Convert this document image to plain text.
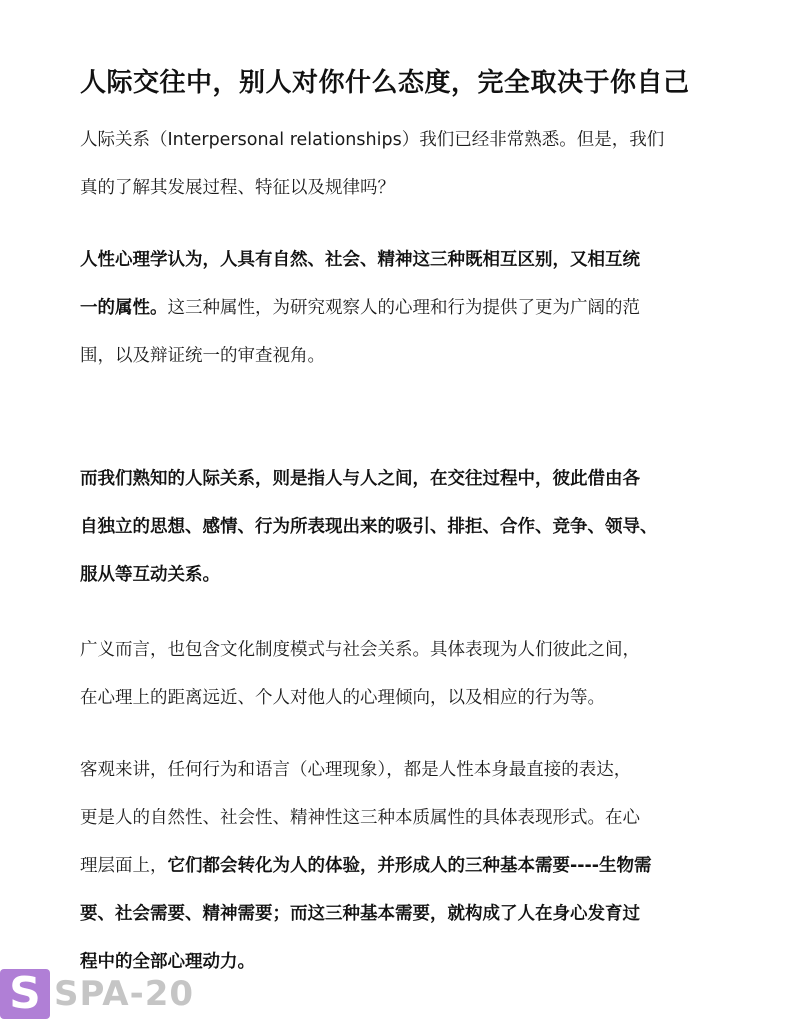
人际交往中，别人对你什么态度，完全取决于你自己

人际关系（Interpersonal relationships）我们已经非常熟悉。但是，我们
真的了解其发展过程、特征以及规律吗？

人性心理学认为，人具有自然、社会、精神这三种既相互区别，又相互统
一的属性。这三种属性，为研究观察人的心理和行为提供了更为广阔的范
围，以及辩证统一的审查视角。

而我们熟知的人际关系，则是指人与人之间，在交往过程中，彼此借由各
自独立的思想、感情、行为所表现出来的吸引、排拒、合作、竞争、领导、
服从等互动关系。

广义而言，也包含文化制度模式与社会关系。具体表现为人们彼此之间，
在心理上的距离远近、个人对他人的心理倾向，以及相应的行为等。

客观来讲，任何行为和语言（心理现象），都是人性本身最直接的表达，
更是人的自然性、社会性、精神性这三种本质属性的具体表现形式。在心
理层面上，它们都会转化为人的体验，并形成人的三种基本需要----生物需
要、社会需要、精神需要；而这三种基本需要，就构成了人在身心发育过
程中的全部心理动力。

S SPA-20
